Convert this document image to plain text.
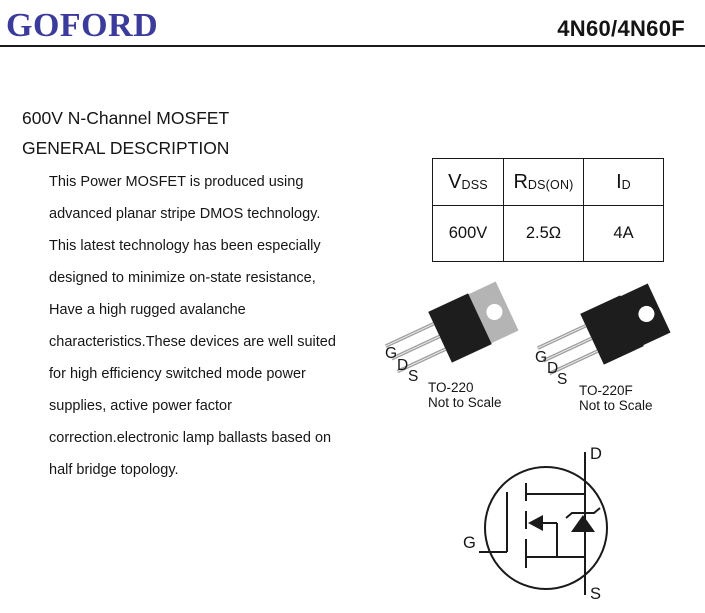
GOFORD	4N60/4N60F
600V N-Channel MOSFET
GENERAL DESCRIPTION
This Power MOSFET is produced using
advanced planar stripe DMOS technology.
This latest technology has been especially
designed to minimize on-state resistance,
Have a high rugged avalanche
characteristics.These devices are well suited
for high efficiency switched mode power
supplies, active power factor
correction.electronic lamp ballasts based on
half bridge topology.
VDSS	RDS(ON)	ID
600V	2.5Ω	4A
G
D
S
TO-220
Not to Scale
G
D
S
TO-220F
Not to Scale
D
G
S
